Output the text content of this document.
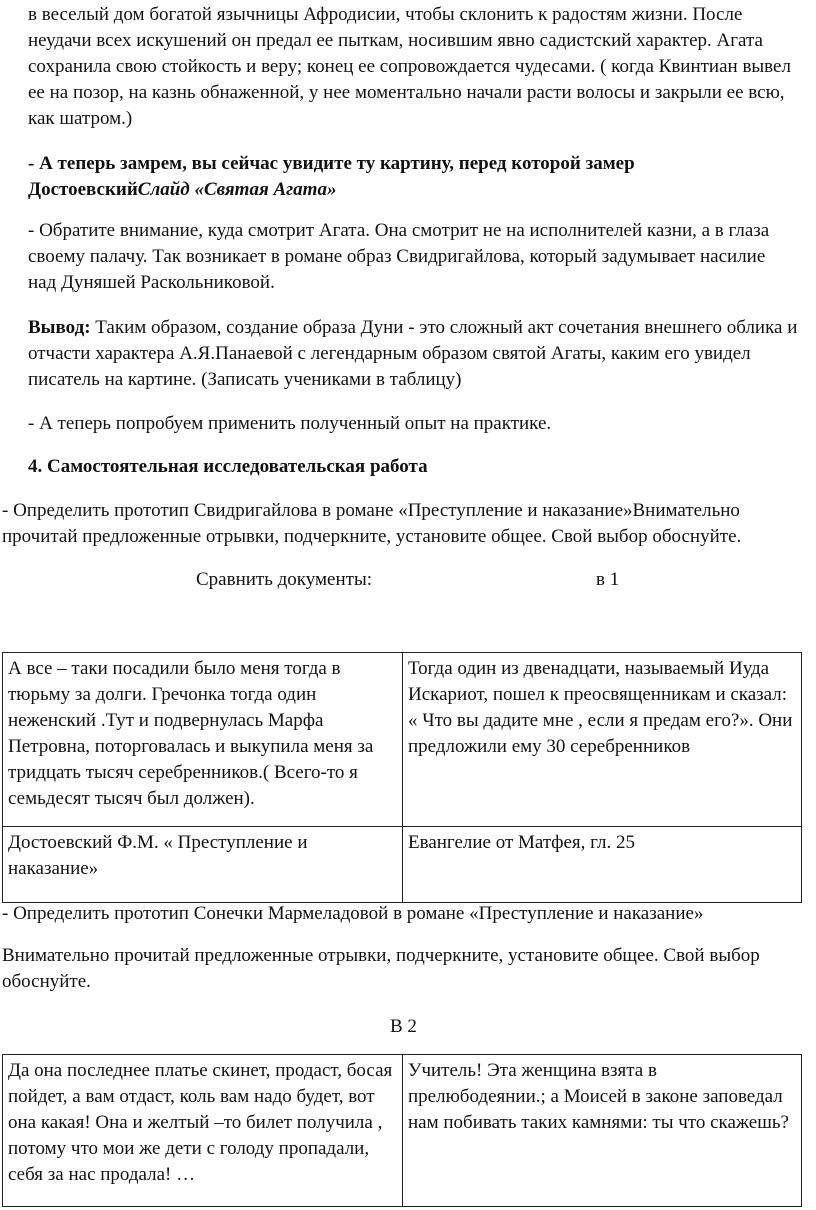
в веселый дом богатой язычницы Афродисии, чтобы склонить к радостям жизни. После неудачи всех искушений он предал ее пыткам, носившим явно садистский характер. Агата сохранила свою стойкость и веру; конец ее сопровождается чудесами. ( когда Квинтиан вывел ее на позор, на казнь обнаженной, у нее моментально начали расти волосы и закрыли ее всю, как шатром.)

- А теперь замрем, вы сейчас увидите ту картину, перед которой замер ДостоевскийСлайд «Святая Агата»

- Обратите внимание, куда смотрит Агата. Она смотрит не на исполнителей казни, а в глаза своему палачу. Так возникает в романе образ Свидригайлова, который задумывает насилие над Дуняшей Раскольниковой.

Вывод: Таким образом, создание образа Дуни - это сложный акт сочетания внешнего облика и отчасти характера А.Я.Панаевой с легендарным образом святой Агаты, каким его увидел писатель на картине. (Записать учениками в таблицу)

- А теперь попробуем применить полученный опыт на практике.

4. Самостоятельная исследовательская работа

- Определить прототип Свидригайлова в романе «Преступление и наказание»Внимательно прочитай предложенные отрывки, подчеркните, установите общее. Свой выбор обоснуйте.

Сравнить документы:	в 1

А все – таки посадили было меня тогда в тюрьму за долги. Гречонка тогда один неженский .Тут и подвернулась Марфа Петровна, поторговалась и выкупила меня за тридцать тысяч серебренников.( Всего-то я семьдесят тысяч был должен).	Тогда один из двенадцати, называемый Иуда Искариот, пошел к преосвященникам и сказал: « Что вы дадите мне , если я предам его?». Они предложили ему 30 серебренников
Достоевский Ф.М. « Преступление и наказание»	Евангелие от Матфея, гл. 25

- Определить прототип Сонечки Мармеладовой в романе «Преступление и наказание»

Внимательно прочитай предложенные отрывки, подчеркните, установите общее. Свой выбор обоснуйте.

В 2

Да она последнее платье скинет, продаст, босая пойдет, а вам отдаст, коль вам надо будет, вот она какая! Она и желтый –то билет получила , потому что мои же дети с голоду пропадали, себя за нас продала! …	Учитель! Эта женщина взята в прелюбодеянии.; а Моисей в законе заповедал нам побивать таких камнями: ты что скажешь?
